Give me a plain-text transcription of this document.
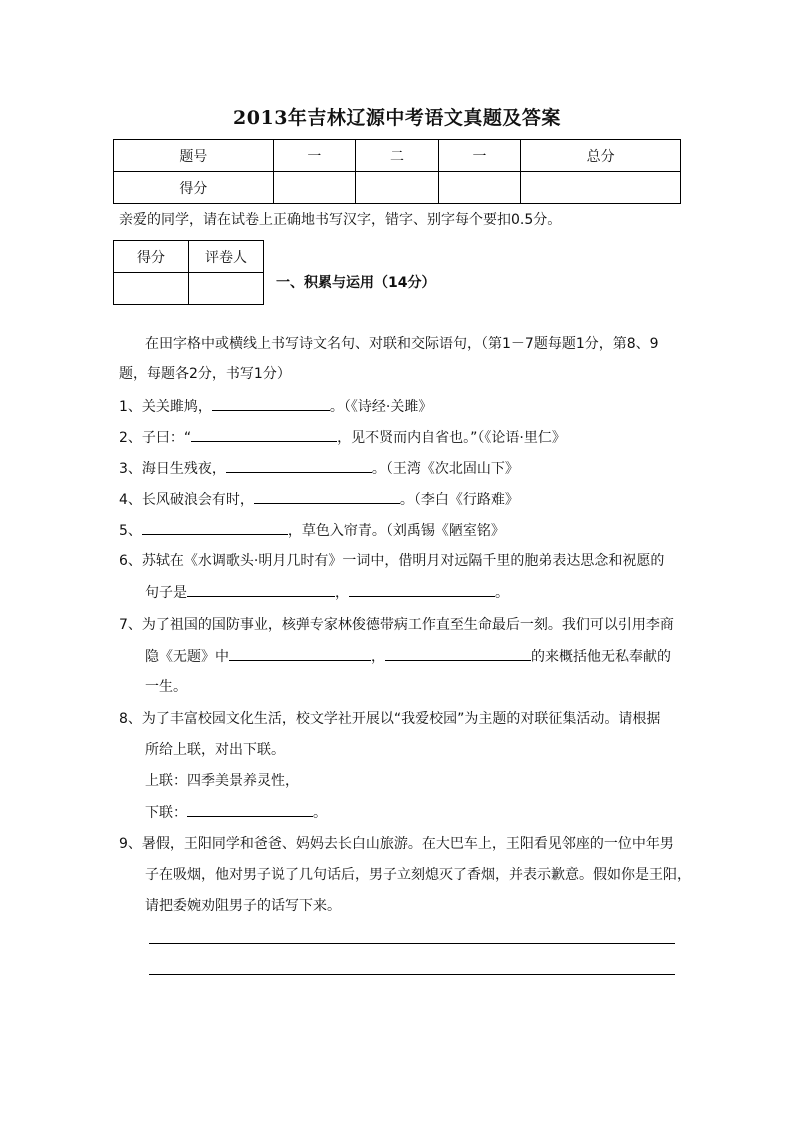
2013年吉林辽源中考语文真题及答案
题号	一	二	一	总分
得分				
亲爱的同学，请在试卷上正确地书写汉字，错字、别字每个要扣0.5分。
得分	评卷人

一、积累与运用（14分）
在田字格中或横线上书写诗文名句、对联和交际语句，（第1－7题每题1分，第8、9
题，每题各2分，书写1分）
1、关关雎鸠，	。（《诗经·关雎》
2、子曰：“	，见不贤而内自省也。”（《论语·里仁》
3、海日生残夜，	。（王湾《次北固山下》
4、长风破浪会有时，	。（李白《行路难》
5、	，草色入帘青。（刘禹锡《陋室铭》
6、苏轼在《水调歌头·明月几时有》一词中，借明月对远隔千里的胞弟表达思念和祝愿的
句子是	，	。
7、为了祖国的国防事业，核弹专家林俊德带病工作直至生命最后一刻。我们可以引用李商
隐《无题》中	，	的来概括他无私奉献的
一生。
8、为了丰富校园文化生活，校文学社开展以“我爱校园”为主题的对联征集活动。请根据
所给上联，对出下联。
上联：四季美景养灵性，
下联：	。
9、暑假，王阳同学和爸爸、妈妈去长白山旅游。在大巴车上，王阳看见邻座的一位中年男
子在吸烟，他对男子说了几句话后，男子立刻熄灭了香烟，并表示歉意。假如你是王阳，
请把委婉劝阻男子的话写下来。
